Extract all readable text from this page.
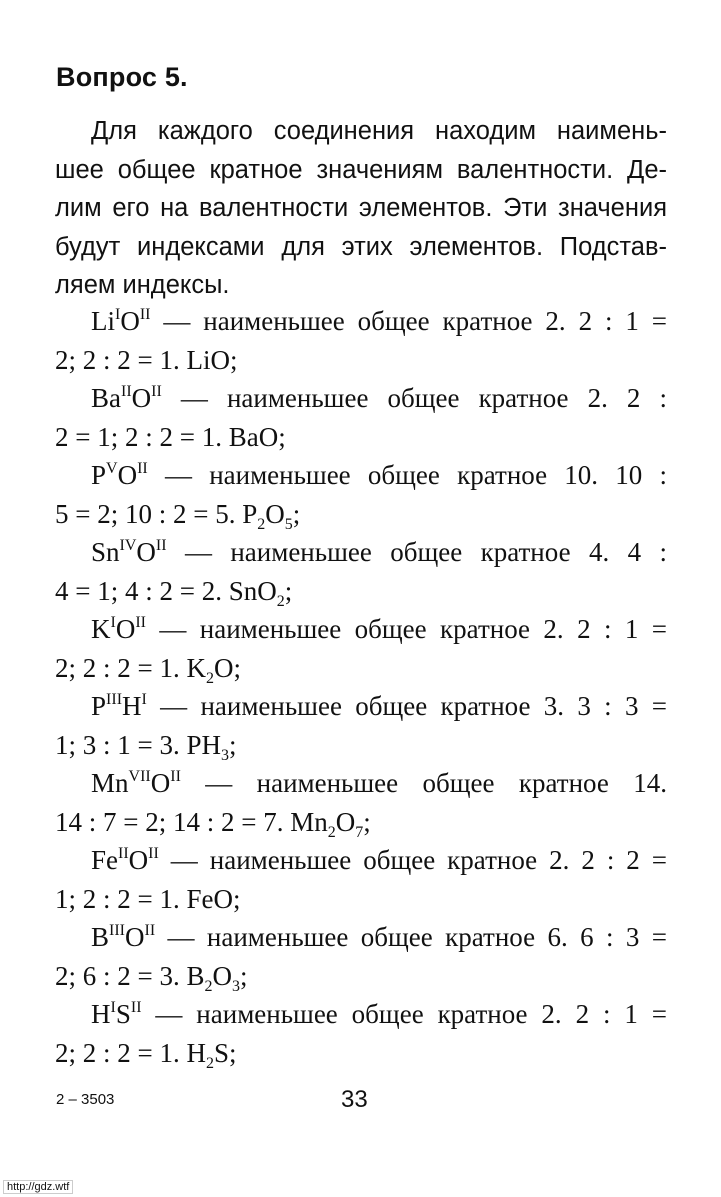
Вопрос 5.
Для каждого соединения находим наимень-
шее общее кратное значениям валентности. Де-
лим его на валентности элементов. Эти значения
будут индексами для этих элементов. Подстав-
ляем индексы.
$Li^IO^{II}$ — наименьшее общее кратное 2. 2 : 1 =
2; 2 : 2 = 1. LiO;
$Ba^{II}O^{II}$ — наименьшее общее кратное 2. 2 :
2 = 1; 2 : 2 = 1. BaO;
$P^VO^{II}$ — наименьшее общее кратное 10. 10 :
5 = 2; 10 : 2 = 5. $P_2O_5$;
$Sn^{IV}O^{II}$ — наименьшее общее кратное 4. 4 :
4 = 1; 4 : 2 = 2. SnO$_2$;
$K^IO^{II}$ — наименьшее общее кратное 2. 2 : 1 =
2; 2 : 2 = 1. $K_2O$;
$P^{III}H^I$ — наименьшее общее кратное 3. 3 : 3 =
1; 3 : 1 = 3. $PH_3$;
$Mn^{VII}O^{II}$ — наименьшее общее кратное 14.
14 : 7 = 2; 14 : 2 = 7. $Mn_2O_7$;
$Fe^{II}O^{II}$ — наименьшее общее кратное 2. 2 : 2 =
1; 2 : 2 = 1. FeO;
$B^{III}O^{II}$ — наименьшее общее кратное 6. 6 : 3 =
2; 6 : 2 = 3. $B_2O_3$;
$H^IS^{II}$ — наименьшее общее кратное 2. 2 : 1 =
2; 2 : 2 = 1. $H_2S$;
2 – 3503	33
http://gdz.wtf
